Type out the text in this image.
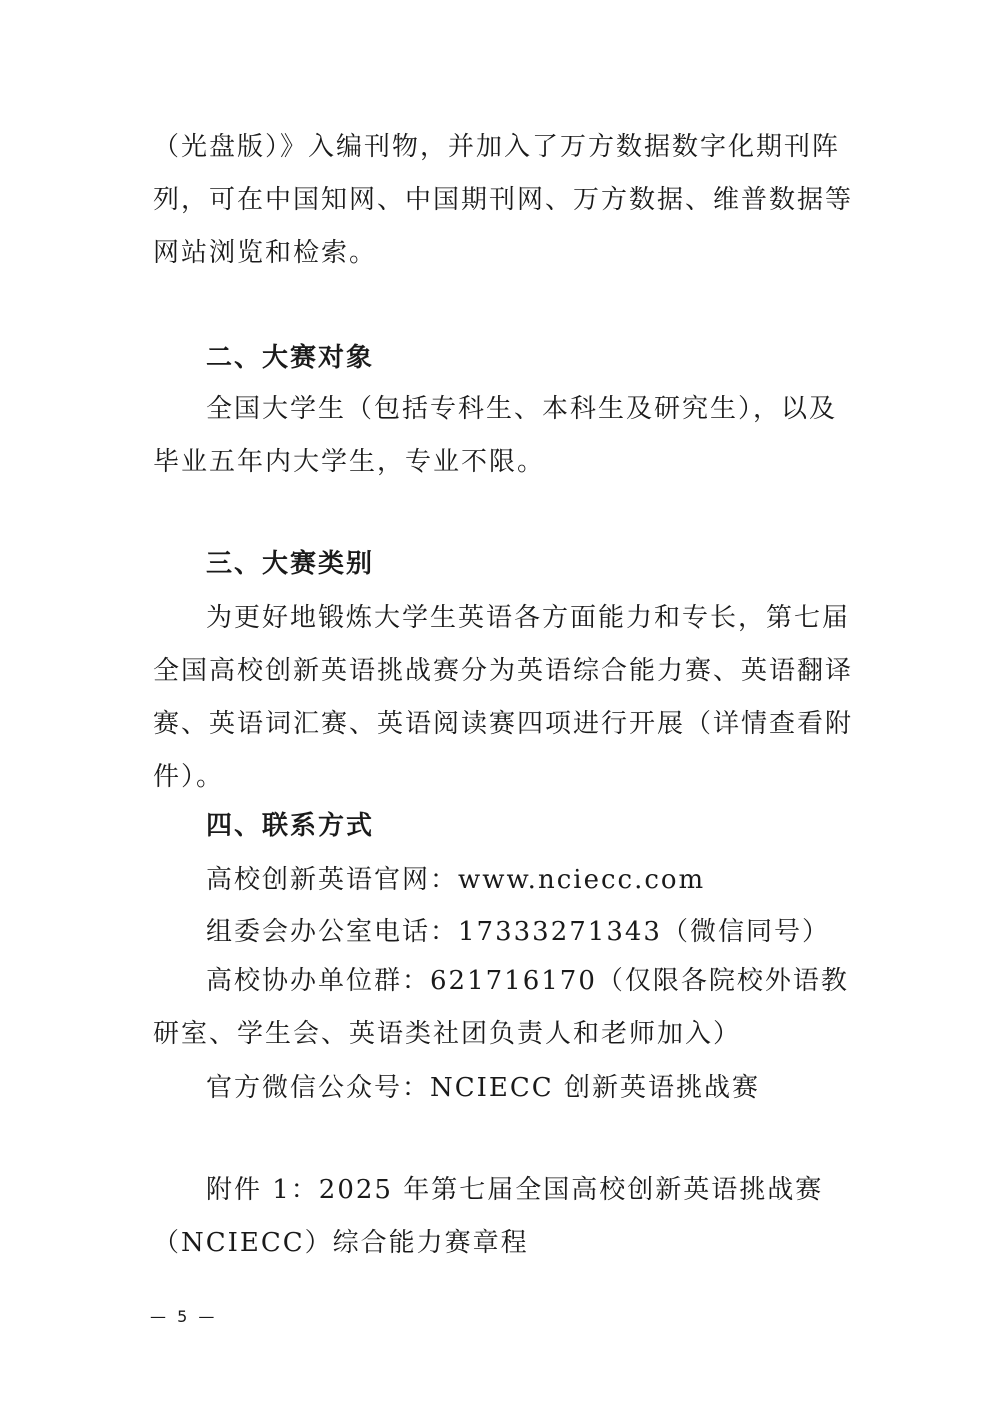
（光盘版）》入编刊物，并加入了万方数据数字化期刊阵列，可在中国知网、中国期刊网、万方数据、维普数据等网站浏览和检索。

二、大赛对象

全国大学生（包括专科生、本科生及研究生），以及毕业五年内大学生，专业不限。

三、大赛类别

为更好地锻炼大学生英语各方面能力和专长，第七届全国高校创新英语挑战赛分为英语综合能力赛、英语翻译赛、英语词汇赛、英语阅读赛四项进行开展（详情查看附件）。

四、联系方式

高校创新英语官网：www.nciecc.com

组委会办公室电话：17333271343（微信同号）

高校协办单位群：621716170（仅限各院校外语教研室、学生会、英语类社团负责人和老师加入）

官方微信公众号：NCIECC 创新英语挑战赛

附件 1：2025 年第七届全国高校创新英语挑战赛（NCIECC）综合能力赛章程

— 5 —
